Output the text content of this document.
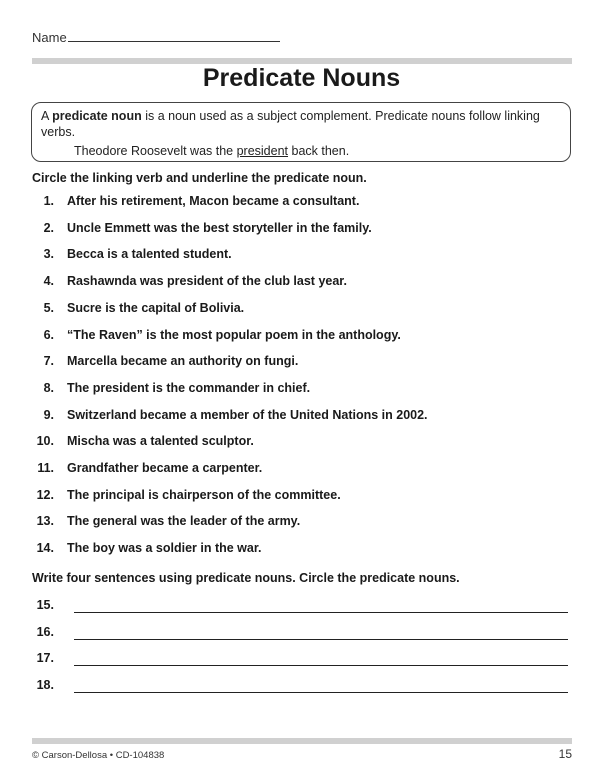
Name
Predicate Nouns
A predicate noun is a noun used as a subject complement. Predicate nouns follow linking verbs.
Theodore Roosevelt was the president back then.
Circle the linking verb and underline the predicate noun.
1. After his retirement, Macon became a consultant.
2. Uncle Emmett was the best storyteller in the family.
3. Becca is a talented student.
4. Rashawnda was president of the club last year.
5. Sucre is the capital of Bolivia.
6. “The Raven” is the most popular poem in the anthology.
7. Marcella became an authority on fungi.
8. The president is the commander in chief.
9. Switzerland became a member of the United Nations in 2002.
10. Mischa was a talented sculptor.
11. Grandfather became a carpenter.
12. The principal is chairperson of the committee.
13. The general was the leader of the army.
14. The boy was a soldier in the war.
Write four sentences using predicate nouns. Circle the predicate nouns.
15.
16.
17.
18.
© Carson-Dellosa • CD-104838	15
